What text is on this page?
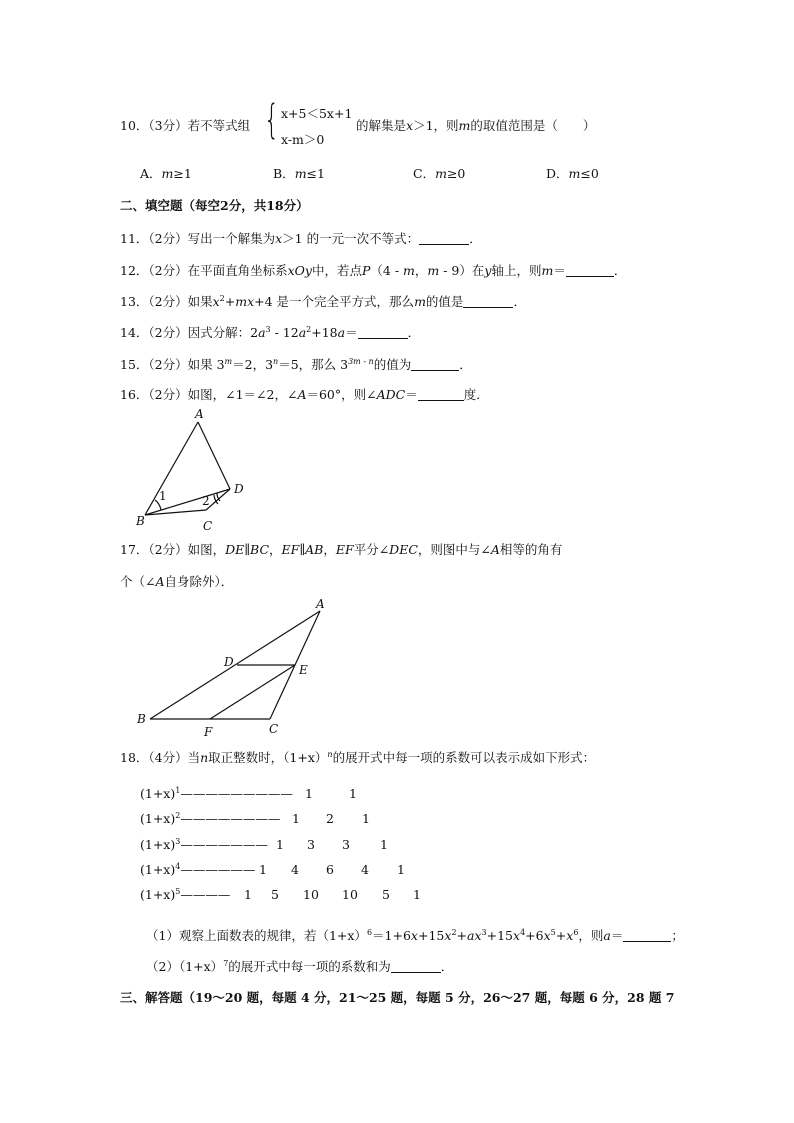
10．（3分）若不等式组 { x+5＜5x+1
x-m＞0
的解集是x＞1，则m的取值范围是（　　）
A．m≥1	B．m≤1	C．m≥0	D．m≤0
二、填空题（每空2分，共18分）
11．（2分）写出一个解集为x＞1 的一元一次不等式：	．
12．（2分）在平面直角坐标系xOy中，若点P（4 - m，m - 9）在y轴上，则m＝	．
13．（2分）如果$x^2+mx+4$ 是一个完全平方式，那么m的值是	．
14．（2分）因式分解：$2a^3 - 12a^2+18a=$	．
15．（2分）如果 $3^m=2$，$3^n=5$，那么 $3^{3m - n}$的值为	．
16．（2分）如图，∠1＝∠2，∠A＝60°，则∠ADC＝	度．
A
B	C
D
1	2
17．（2分）如图，DE∥BC，EF∥AB，EF平分∠DEC，则图中与∠A相等的角有
个（∠A自身除外）．
A
B
C
D
E
F
18．（4分）当n取正整数时，$(1+x)^n$的展开式中每一项的系数可以表示成如下形式：
$(1+x)^1—————————$ 1	1
$(1+x)^2————————$ 1 2 1
$(1+x)^3———————$ 1 3 3 1
$(1+x)^4——————$ 1 4 6 4 1
$(1+x)^5————$ 1 5 10 10 5 1
（1）观察上面数表的规律，若$(1+x)^6=1+6x+15x^2+ax^3+15x^4+6x^5+x^6$，则a＝	；
$(2)(1+x)^7$的展开式中每一项的系数和为	．
三、解答题（19～20 题，每题 4 分，21～25 题，每题 5 分，26～27 题，每题 6 分，28 题 7
